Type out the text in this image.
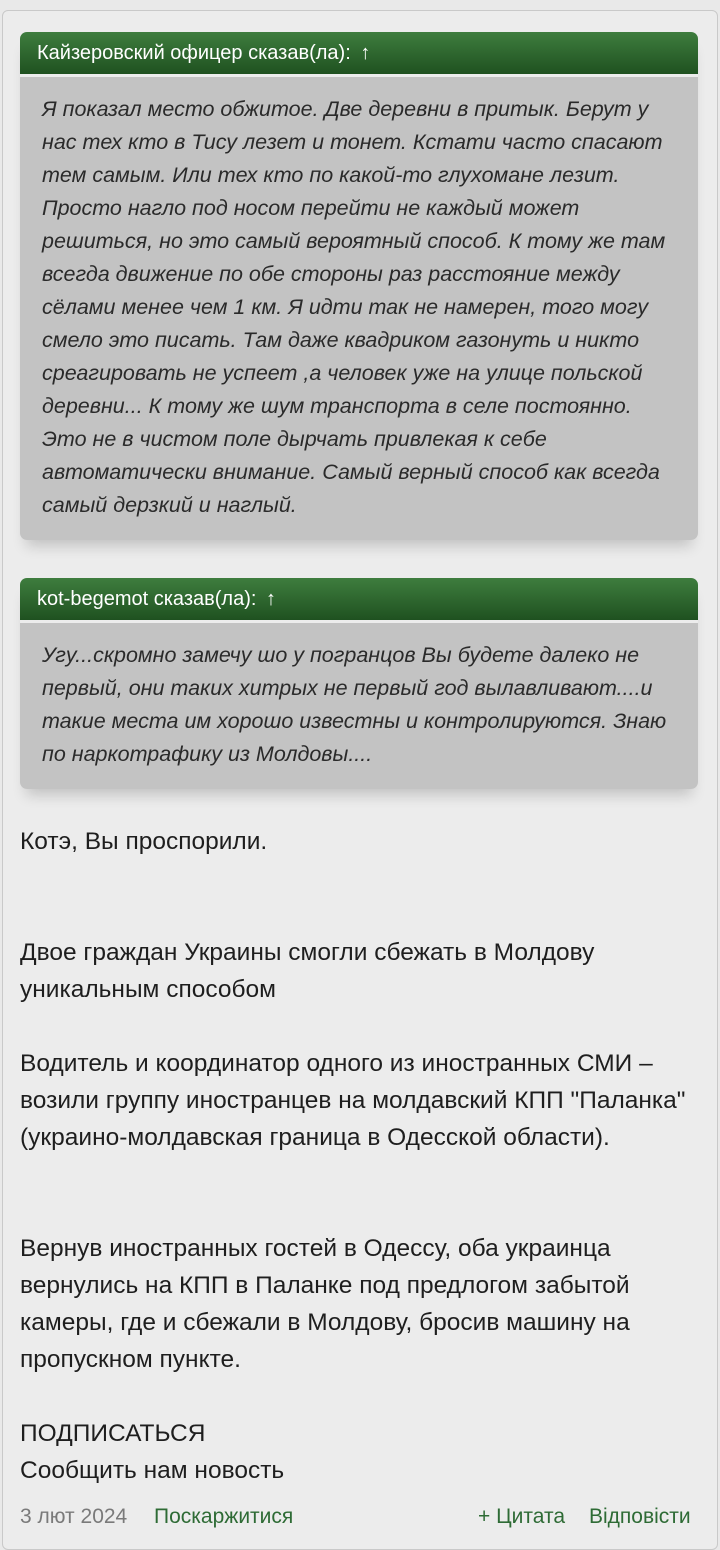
Кайзеровский офицер сказав(ла): ↑
Я показал место обжитое. Две деревни в притык. Берут у нас тех кто в Тису лезет и тонет. Кстати часто спасают тем самым. Или тех кто по какой-то глухомане лезит. Просто нагло под носом перейти не каждый может решиться, но это самый вероятный способ. К тому же там всегда движение по обе стороны раз расстояние между сёлами менее чем 1 км. Я идти так не намерен, того могу смело это писать. Там даже квадриком газонуть и никто среагировать не успеет ,а человек уже на улице польской деревни... К тому же шум транспорта в селе постоянно. Это не в чистом поле дырчать привлекая к себе автоматически внимание. Самый верный способ как всегда самый дерзкий и наглый.
kot-begemot сказав(ла): ↑
Угу...скромно замечу шо у погранцов Вы будете далеко не первый, они таких хитрых не первый год вылавливают....и такие места им хорошо известны и контролируются. Знаю по наркотрафику из Молдовы....

Котэ, Вы проспорили.

Двое граждан Украины смогли сбежать в Молдову уникальным способом

Водитель и координатор одного из иностранных СМИ – возили группу иностранцев на молдавский КПП "Паланка" (украино-молдавская граница в Одесской области).

Вернув иностранных гостей в Одессу, оба украинца вернулись на КПП в Паланке под предлогом забытой камеры, где и сбежали в Молдову, бросив машину на пропускном пункте.

ПОДПИСАТЬСЯ

Сообщить нам новость

3 лют 2024 Поскаржитися	+ Цитата Відповісти
